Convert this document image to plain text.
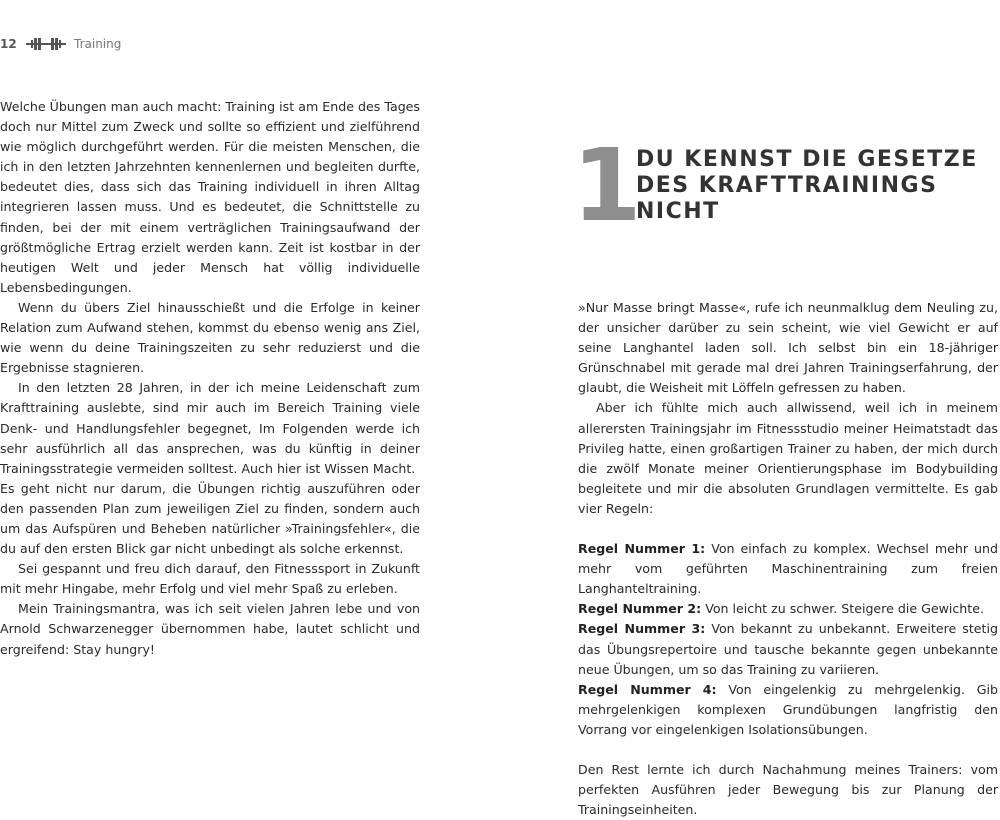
12	Training

Welche Übungen man auch macht: Training ist am Ende des Tages doch nur Mittel zum Zweck und sollte so effizient und zielführend wie möglich durchgeführt werden. Für die meisten Menschen, die ich in den letzten Jahrzehnten kennenlernen und begleiten durfte, bedeutet dies, dass sich das Training individuell in ihren Alltag integrieren lassen muss. Und es bedeutet, die Schnittstelle zu finden, bei der mit einem verträglichen Trainingsaufwand der größtmögliche Ertrag erzielt werden kann. Zeit ist kostbar in der heutigen Welt und jeder Mensch hat völlig individuelle Lebensbedingungen.

Wenn du übers Ziel hinausschießt und die Erfolge in keiner Relation zum Aufwand stehen, kommst du ebenso wenig ans Ziel, wie wenn du deine Trainingszeiten zu sehr reduzierst und die Ergebnisse stagnieren.

In den letzten 28 Jahren, in der ich meine Leidenschaft zum Krafttraining auslebte, sind mir auch im Bereich Training viele Denk- und Handlungsfehler begegnet, Im Folgenden werde ich sehr ausführlich all das ansprechen, was du künftig in deiner Trainingsstrategie vermeiden solltest. Auch hier ist Wissen Macht.

Es geht nicht nur darum, die Übungen richtig auszuführen oder den passenden Plan zum jeweiligen Ziel zu finden, sondern auch um das Aufspüren und Beheben natürlicher »Trainingsfehler«, die du auf den ersten Blick gar nicht unbedingt als solche erkennst.

Sei gespannt und freu dich darauf, den Fitnesssport in Zukunft mit mehr Hingabe, mehr Erfolg und viel mehr Spaß zu erleben.

Mein Trainingsmantra, was ich seit vielen Jahren lebe und von Arnold Schwarzenegger übernommen habe, lautet schlicht und ergreifend: Stay hungry!

1
DU KENNST DIE GESETZE
DES KRAFTTRAININGS
NICHT

»Nur Masse bringt Masse«, rufe ich neunmalklug dem Neuling zu, der unsicher darüber zu sein scheint, wie viel Gewicht er auf seine Langhantel laden soll. Ich selbst bin ein 18-jähriger Grünschnabel mit gerade mal drei Jahren Trainingserfahrung, der glaubt, die Weisheit mit Löffeln gefressen zu haben.

Aber ich fühlte mich auch allwissend, weil ich in meinem allerersten Trainingsjahr im Fitnessstudio meiner Heimatstadt das Privileg hatte, einen großartigen Trainer zu haben, der mich durch die zwölf Monate meiner Orientierungsphase im Bodybuilding begleitete und mir die absoluten Grundlagen vermittelte. Es gab vier Regeln:

Regel Nummer 1: Von einfach zu komplex. Wechsel mehr und mehr vom geführten Maschinentraining zum freien Langhanteltraining.

Regel Nummer 2: Von leicht zu schwer. Steigere die Gewichte.

Regel Nummer 3: Von bekannt zu unbekannt. Erweitere stetig das Übungsrepertoire und tausche bekannte gegen unbekannte neue Übungen, um so das Training zu variieren.

Regel Nummer 4: Von eingelenkig zu mehrgelenkig. Gib mehrgelenkigen komplexen Grundübungen langfristig den Vorrang vor eingelenkigen Isolationsübungen.

Den Rest lernte ich durch Nachahmung meines Trainers: vom perfekten Ausführen jeder Bewegung bis zur Planung der Trainingseinheiten.
